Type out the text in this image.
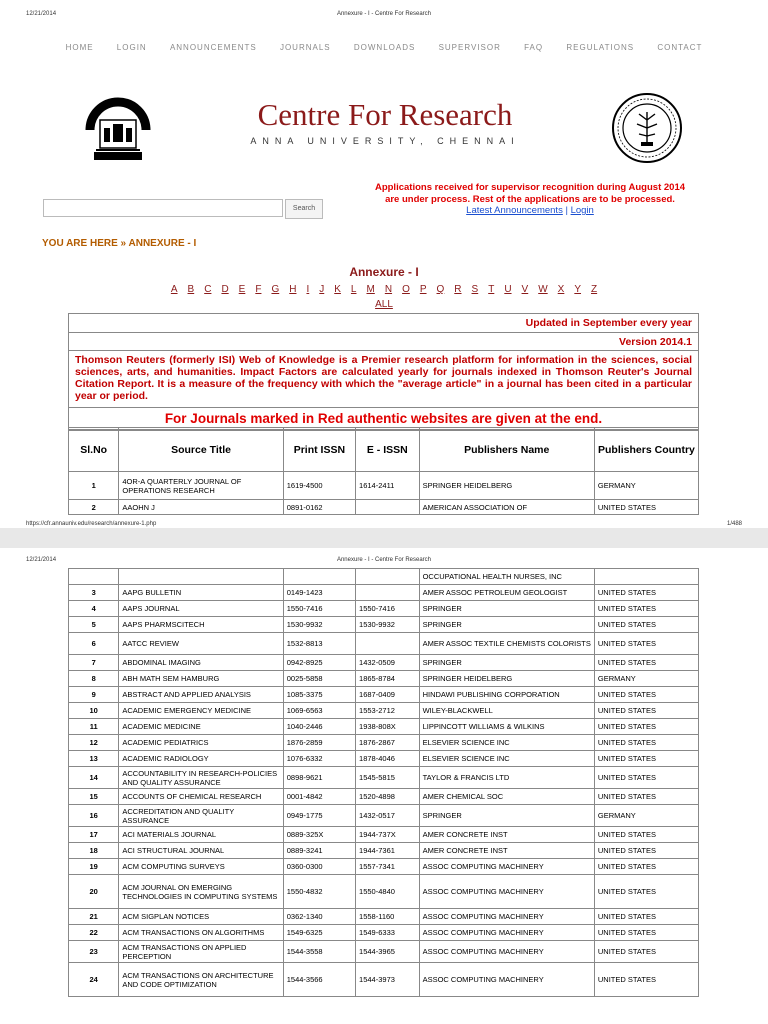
12/21/2014	Annexure - I - Centre For Research
HOME	LOGIN	ANNOUNCEMENTS	JOURNALS	DOWNLOADS	SUPERVISOR	FAQ	REGULATIONS	CONTACT
Centre For Research
ANNA UNIVERSITY, CHENNAI
Applications received for supervisor recognition during August 2014
are under process. Rest of the applications are to be processed.
Latest Announcements | Login
Search
YOU ARE HERE » ANNEXURE - I
Annexure - I
A B C D E F G H I J K L M N O P Q R S T U V W X Y Z
ALL
Updated in September every year
Version 2014.1
Thomson Reuters (formerly ISI) Web of Knowledge is a Premier research platform for information in the sciences, social sciences, arts, and humanities. Impact Factors are calculated yearly for journals indexed in Thomson Reuter's Journal Citation Report. It is a measure of the frequency with which the "average article" in a journal has been cited in a particular year or period.
For Journals marked in Red authentic websites are given at the end.
Sl.No	Source Title	Print ISSN	E - ISSN	Publishers Name	Publishers Country
1	4OR-A QUARTERLY JOURNAL OF OPERATIONS RESEARCH	1619-4500	1614-2411	SPRINGER HEIDELBERG	GERMANY
2	AAOHN J	0891-0162		AMERICAN ASSOCIATION OF	UNITED STATES
https://cfr.annauniv.edu/research/annexure-1.php	1/488
12/21/2014	Annexure - I - Centre For Research
				OCCUPATIONAL HEALTH NURSES, INC	
3	AAPG BULLETIN	0149-1423		AMER ASSOC PETROLEUM GEOLOGIST	UNITED STATES
4	AAPS JOURNAL	1550-7416	1550-7416	SPRINGER	UNITED STATES
5	AAPS PHARMSCITECH	1530-9932	1530-9932	SPRINGER	UNITED STATES
6	AATCC REVIEW	1532-8813		AMER ASSOC TEXTILE CHEMISTS COLORISTS	UNITED STATES
7	ABDOMINAL IMAGING	0942-8925	1432-0509	SPRINGER	UNITED STATES
8	ABH MATH SEM HAMBURG	0025-5858	1865-8784	SPRINGER HEIDELBERG	GERMANY
9	ABSTRACT AND APPLIED ANALYSIS	1085-3375	1687-0409	HINDAWI PUBLISHING CORPORATION	UNITED STATES
10	ACADEMIC EMERGENCY MEDICINE	1069-6563	1553-2712	WILEY-BLACKWELL	UNITED STATES
11	ACADEMIC MEDICINE	1040-2446	1938-808X	LIPPINCOTT WILLIAMS & WILKINS	UNITED STATES
12	ACADEMIC PEDIATRICS	1876-2859	1876-2867	ELSEVIER SCIENCE INC	UNITED STATES
13	ACADEMIC RADIOLOGY	1076-6332	1878-4046	ELSEVIER SCIENCE INC	UNITED STATES
14	ACCOUNTABILITY IN RESEARCH-POLICIES AND QUALITY ASSURANCE	0898-9621	1545-5815	TAYLOR & FRANCIS LTD	UNITED STATES
15	ACCOUNTS OF CHEMICAL RESEARCH	0001-4842	1520-4898	AMER CHEMICAL SOC	UNITED STATES
16	ACCREDITATION AND QUALITY ASSURANCE	0949-1775	1432-0517	SPRINGER	GERMANY
17	ACI MATERIALS JOURNAL	0889-325X	1944-737X	AMER CONCRETE INST	UNITED STATES
18	ACI STRUCTURAL JOURNAL	0889-3241	1944-7361	AMER CONCRETE INST	UNITED STATES
19	ACM COMPUTING SURVEYS	0360-0300	1557-7341	ASSOC COMPUTING MACHINERY	UNITED STATES
20	ACM JOURNAL ON EMERGING TECHNOLOGIES IN COMPUTING SYSTEMS	1550-4832	1550-4840	ASSOC COMPUTING MACHINERY	UNITED STATES
21	ACM SIGPLAN NOTICES	0362-1340	1558-1160	ASSOC COMPUTING MACHINERY	UNITED STATES
22	ACM TRANSACTIONS ON ALGORITHMS	1549-6325	1549-6333	ASSOC COMPUTING MACHINERY	UNITED STATES
23	ACM TRANSACTIONS ON APPLIED PERCEPTION	1544-3558	1544-3965	ASSOC COMPUTING MACHINERY	UNITED STATES
24	ACM TRANSACTIONS ON ARCHITECTURE AND CODE OPTIMIZATION	1544-3566	1544-3973	ASSOC COMPUTING MACHINERY	UNITED STATES
